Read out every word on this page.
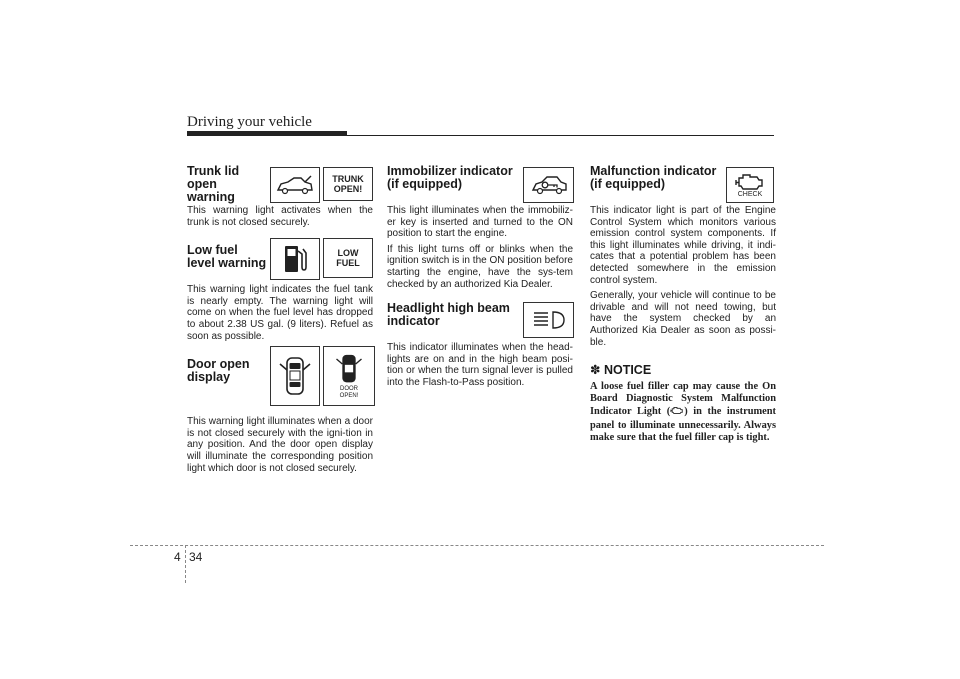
Driving your vehicle
Trunk lid open warning
TRUNK OPEN!

This warning light activates when the trunk is not closed securely.

Low fuel level warning
LOW FUEL

This warning light indicates the fuel tank is nearly empty. The warning light will come on when the fuel level has dropped to about 2.38 US gal. (9 liters). Refuel as soon as possible.

Door open display
DOOR OPEN!

This warning light illuminates when a door is not closed securely with the igni-tion in any position. And the door open display will illuminate the corresponding position light which door is not closed securely.

Immobilizer indicator (if equipped)

This light illuminates when the immobiliz-er key is inserted and turned to the ON position to start the engine.

If this light turns off or blinks when the ignition switch is in the ON position before starting the engine, have the sys-tem checked by an authorized Kia Dealer.

Headlight high beam indicator

This indicator illuminates when the head-lights are on and in the high beam posi-tion or when the turn signal lever is pulled into the Flash-to-Pass position.

Malfunction indicator (if equipped)
CHECK

This indicator light is part of the Engine Control System which monitors various emission control system components. If this light illuminates while driving, it indi-cates that a potential problem has been detected somewhere in the emission control system.

Generally, your vehicle will continue to be drivable and will not need towing, but have the system checked by an Authorized Kia Dealer as soon as possi-ble.

✽ NOTICE
A loose fuel filler cap may cause the On Board Diagnostic System Malfunction Indicator Light ( ) in the instrument panel to illuminate unnecessarily. Always make sure that the fuel filler cap is tight.
4 34
